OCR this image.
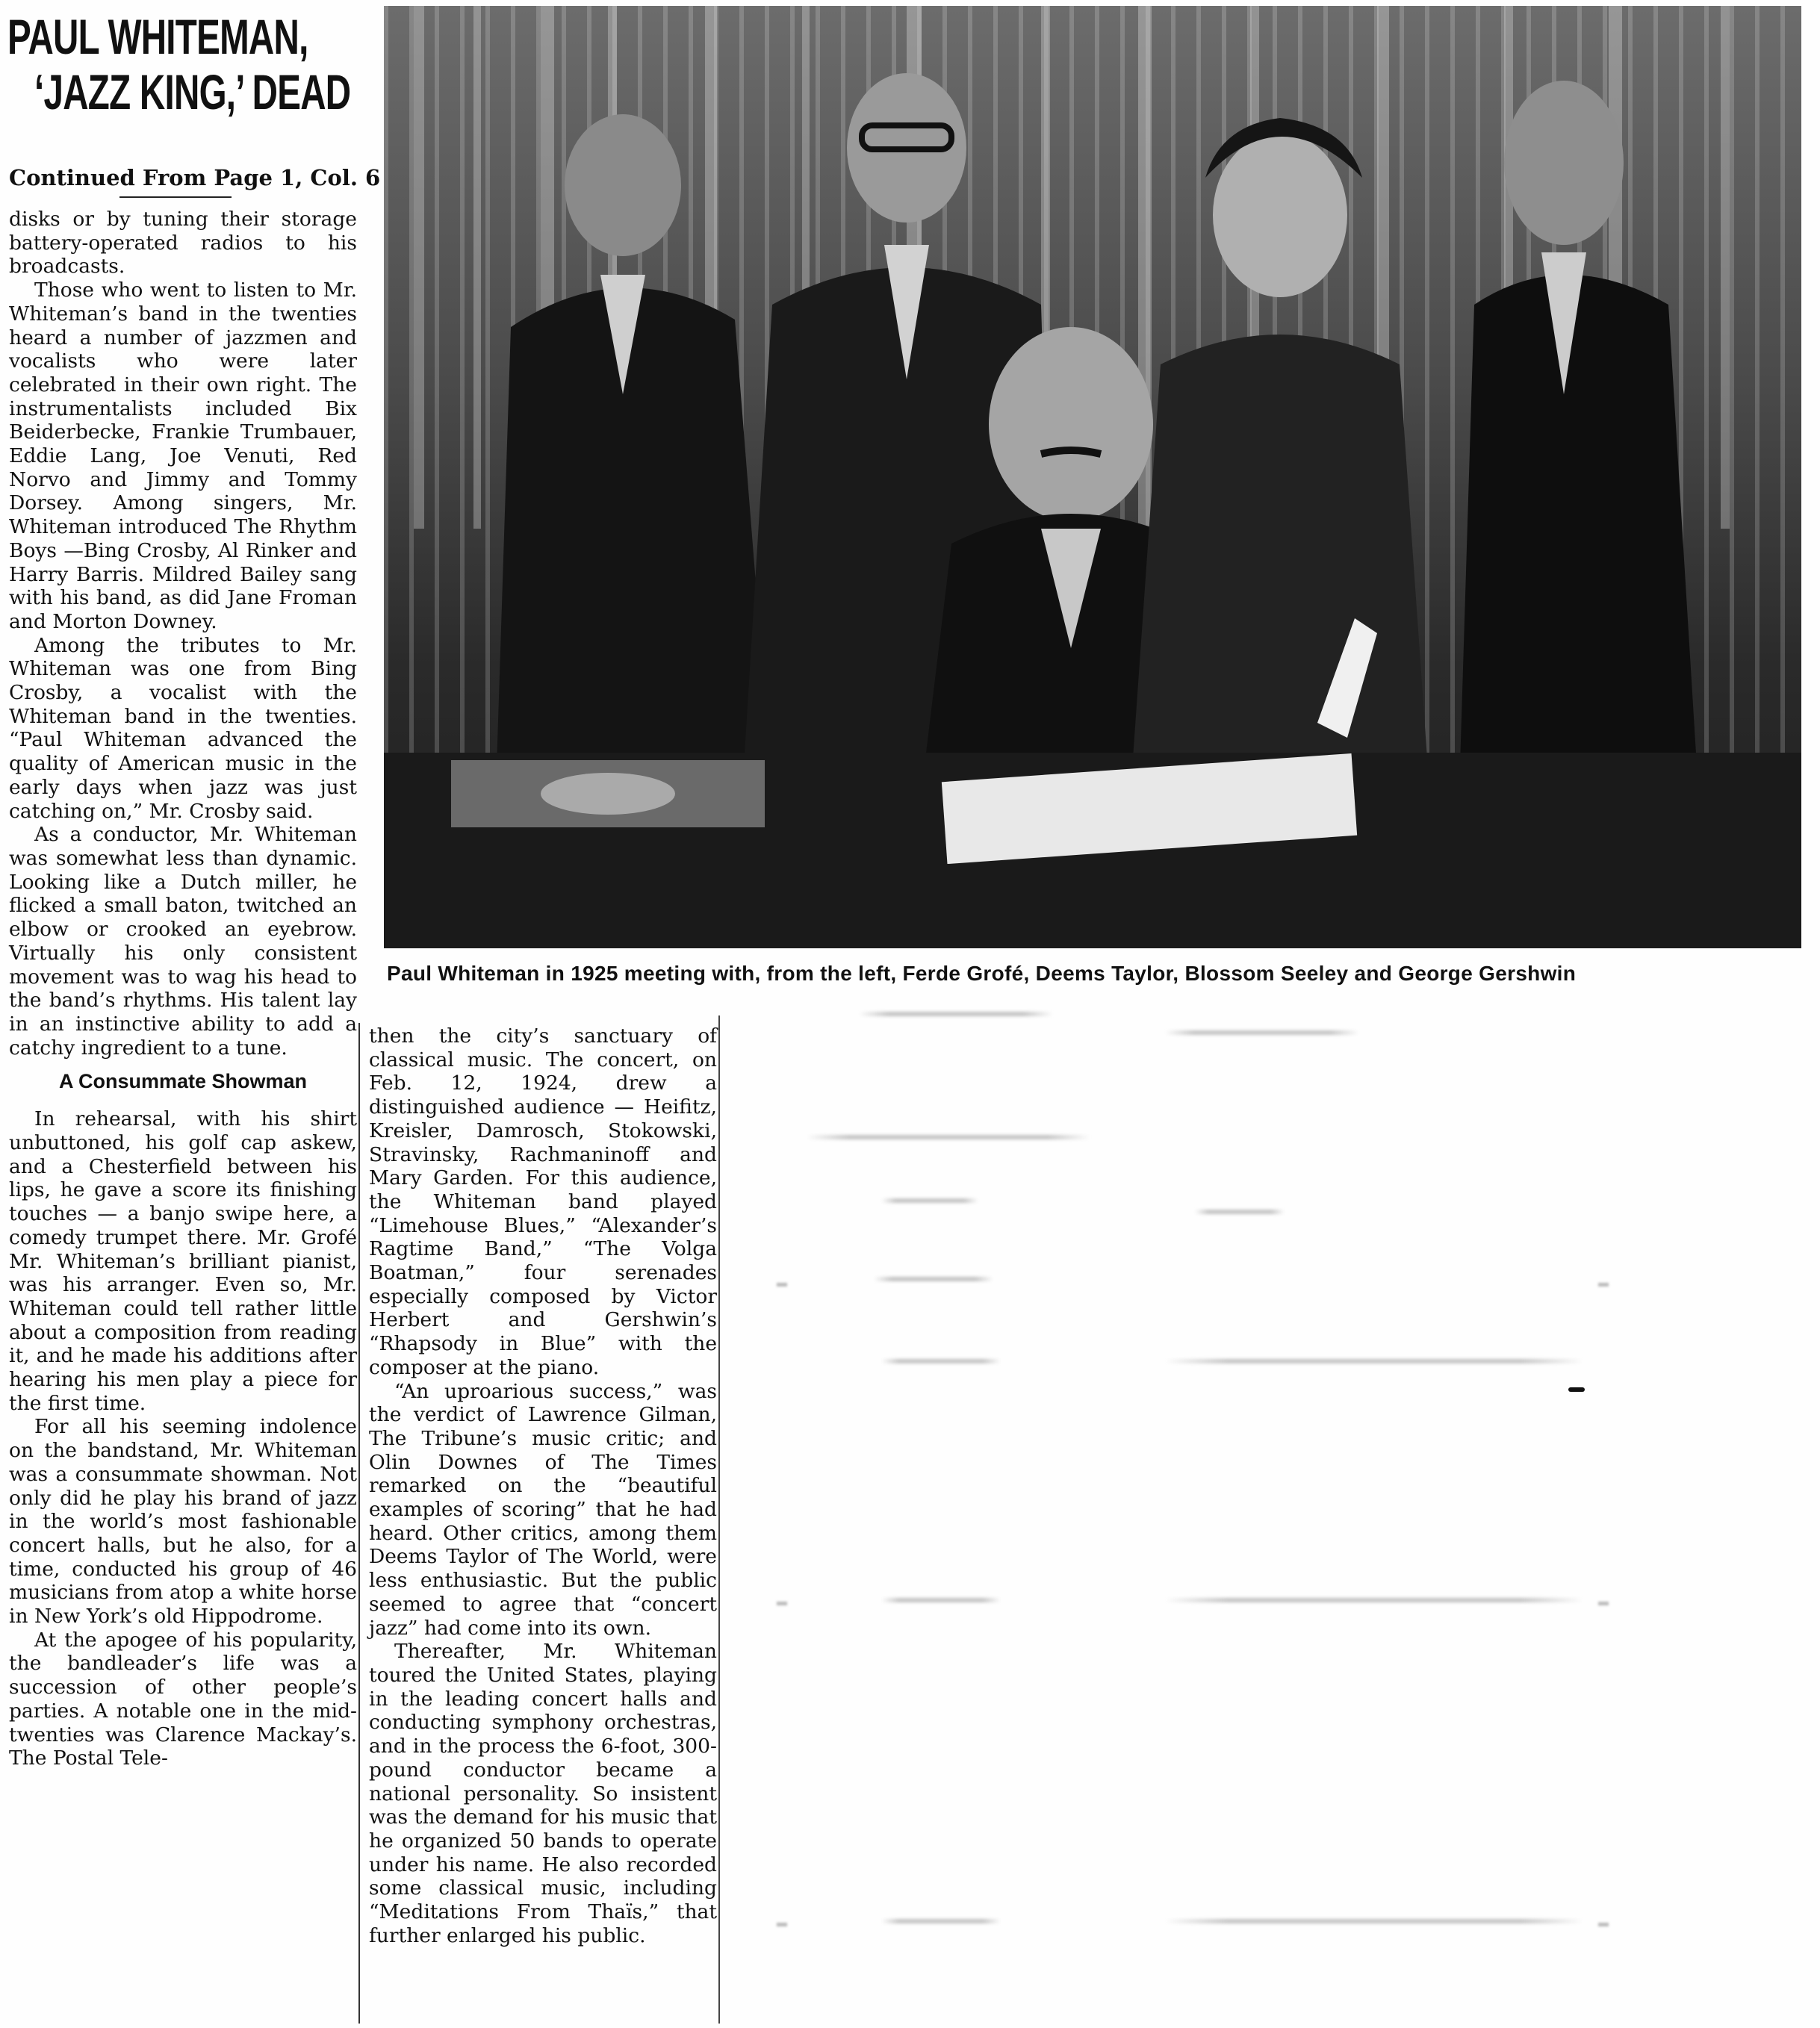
PAUL WHITEMAN,
‘JAZZ KING,’ DEAD
Continued From Page 1, Col. 6

disks or by tuning their storage battery-operated radios to his broadcasts.

Those who went to listen to Mr. Whiteman’s band in the twenties heard a number of jazzmen and vocalists who were later celebrated in their own right. The instrumentalists included Bix Beiderbecke, Frankie Trumbauer, Eddie Lang, Joe Venuti, Red Norvo and Jimmy and Tommy Dorsey. Among singers, Mr. Whiteman introduced The Rhythm Boys —Bing Crosby, Al Rinker and Harry Barris. Mildred Bailey sang with his band, as did Jane Froman and Morton Downey.

Among the tributes to Mr. Whiteman was one from Bing Crosby, a vocalist with the Whiteman band in the twenties. “Paul Whiteman advanced the quality of American music in the early days when jazz was just catching on,” Mr. Crosby said.

As a conductor, Mr. Whiteman was somewhat less than dynamic. Looking like a Dutch miller, he flicked a small baton, twitched an elbow or crooked an eyebrow. Virtually his only consistent movement was to wag his head to the band’s rhythms. His talent lay in an instinctive ability to add a catchy ingredient to a tune.

A Consummate Showman

In rehearsal, with his shirt unbuttoned, his golf cap askew, and a Chesterfield between his lips, he gave a score its finishing touches — a banjo swipe here, a comedy trumpet there. Mr. Grofé Mr. Whiteman’s brilliant pianist, was his arranger. Even so, Mr. Whiteman could tell rather little about a composition from reading it, and he made his additions after hearing his men play a piece for the first time.

For all his seeming indolence on the bandstand, Mr. Whiteman was a consummate showman. Not only did he play his brand of jazz in the world’s most fashionable concert halls, but he also, for a time, conducted his group of 46 musicians from atop a white horse in New York’s old Hippodrome.

At the apogee of his popularity, the bandleader’s life was a succession of other people’s parties. A notable one in the mid-twenties was Clarence Mackay’s. The Postal Tele-

then the city’s sanctuary of classical music. The concert, on Feb. 12, 1924, drew a distinguished audience — Heifitz, Kreisler, Damrosch, Stokowski, Stravinsky, Rachmaninoff and Mary Garden. For this audience, the Whiteman band played “Limehouse Blues,” “Alexander’s Ragtime Band,” “The Volga Boatman,” four serenades especially composed by Victor Herbert and Gershwin’s “Rhapsody in Blue” with the composer at the piano.

“An uproarious success,” was the verdict of Lawrence Gilman, The Tribune’s music critic; and Olin Downes of The Times remarked on the “beautiful examples of scoring” that he had heard. Other critics, among them Deems Taylor of The World, were less enthusiastic. But the public seemed to agree that “concert jazz” had come into its own.

Thereafter, Mr. Whiteman toured the United States, playing in the leading concert halls and conducting symphony orchestras, and in the process the 6-foot, 300-pound conductor became a national personality. So insistent was the demand for his music that he organized 50 bands to operate under his name. He also recorded some classical music, including “Meditations From Thaïs,” that further enlarged his public.

Paul Whiteman in 1925 meeting with, from the left, Ferde Grofé, Deems Taylor, Blossom Seeley and George Gershwin
